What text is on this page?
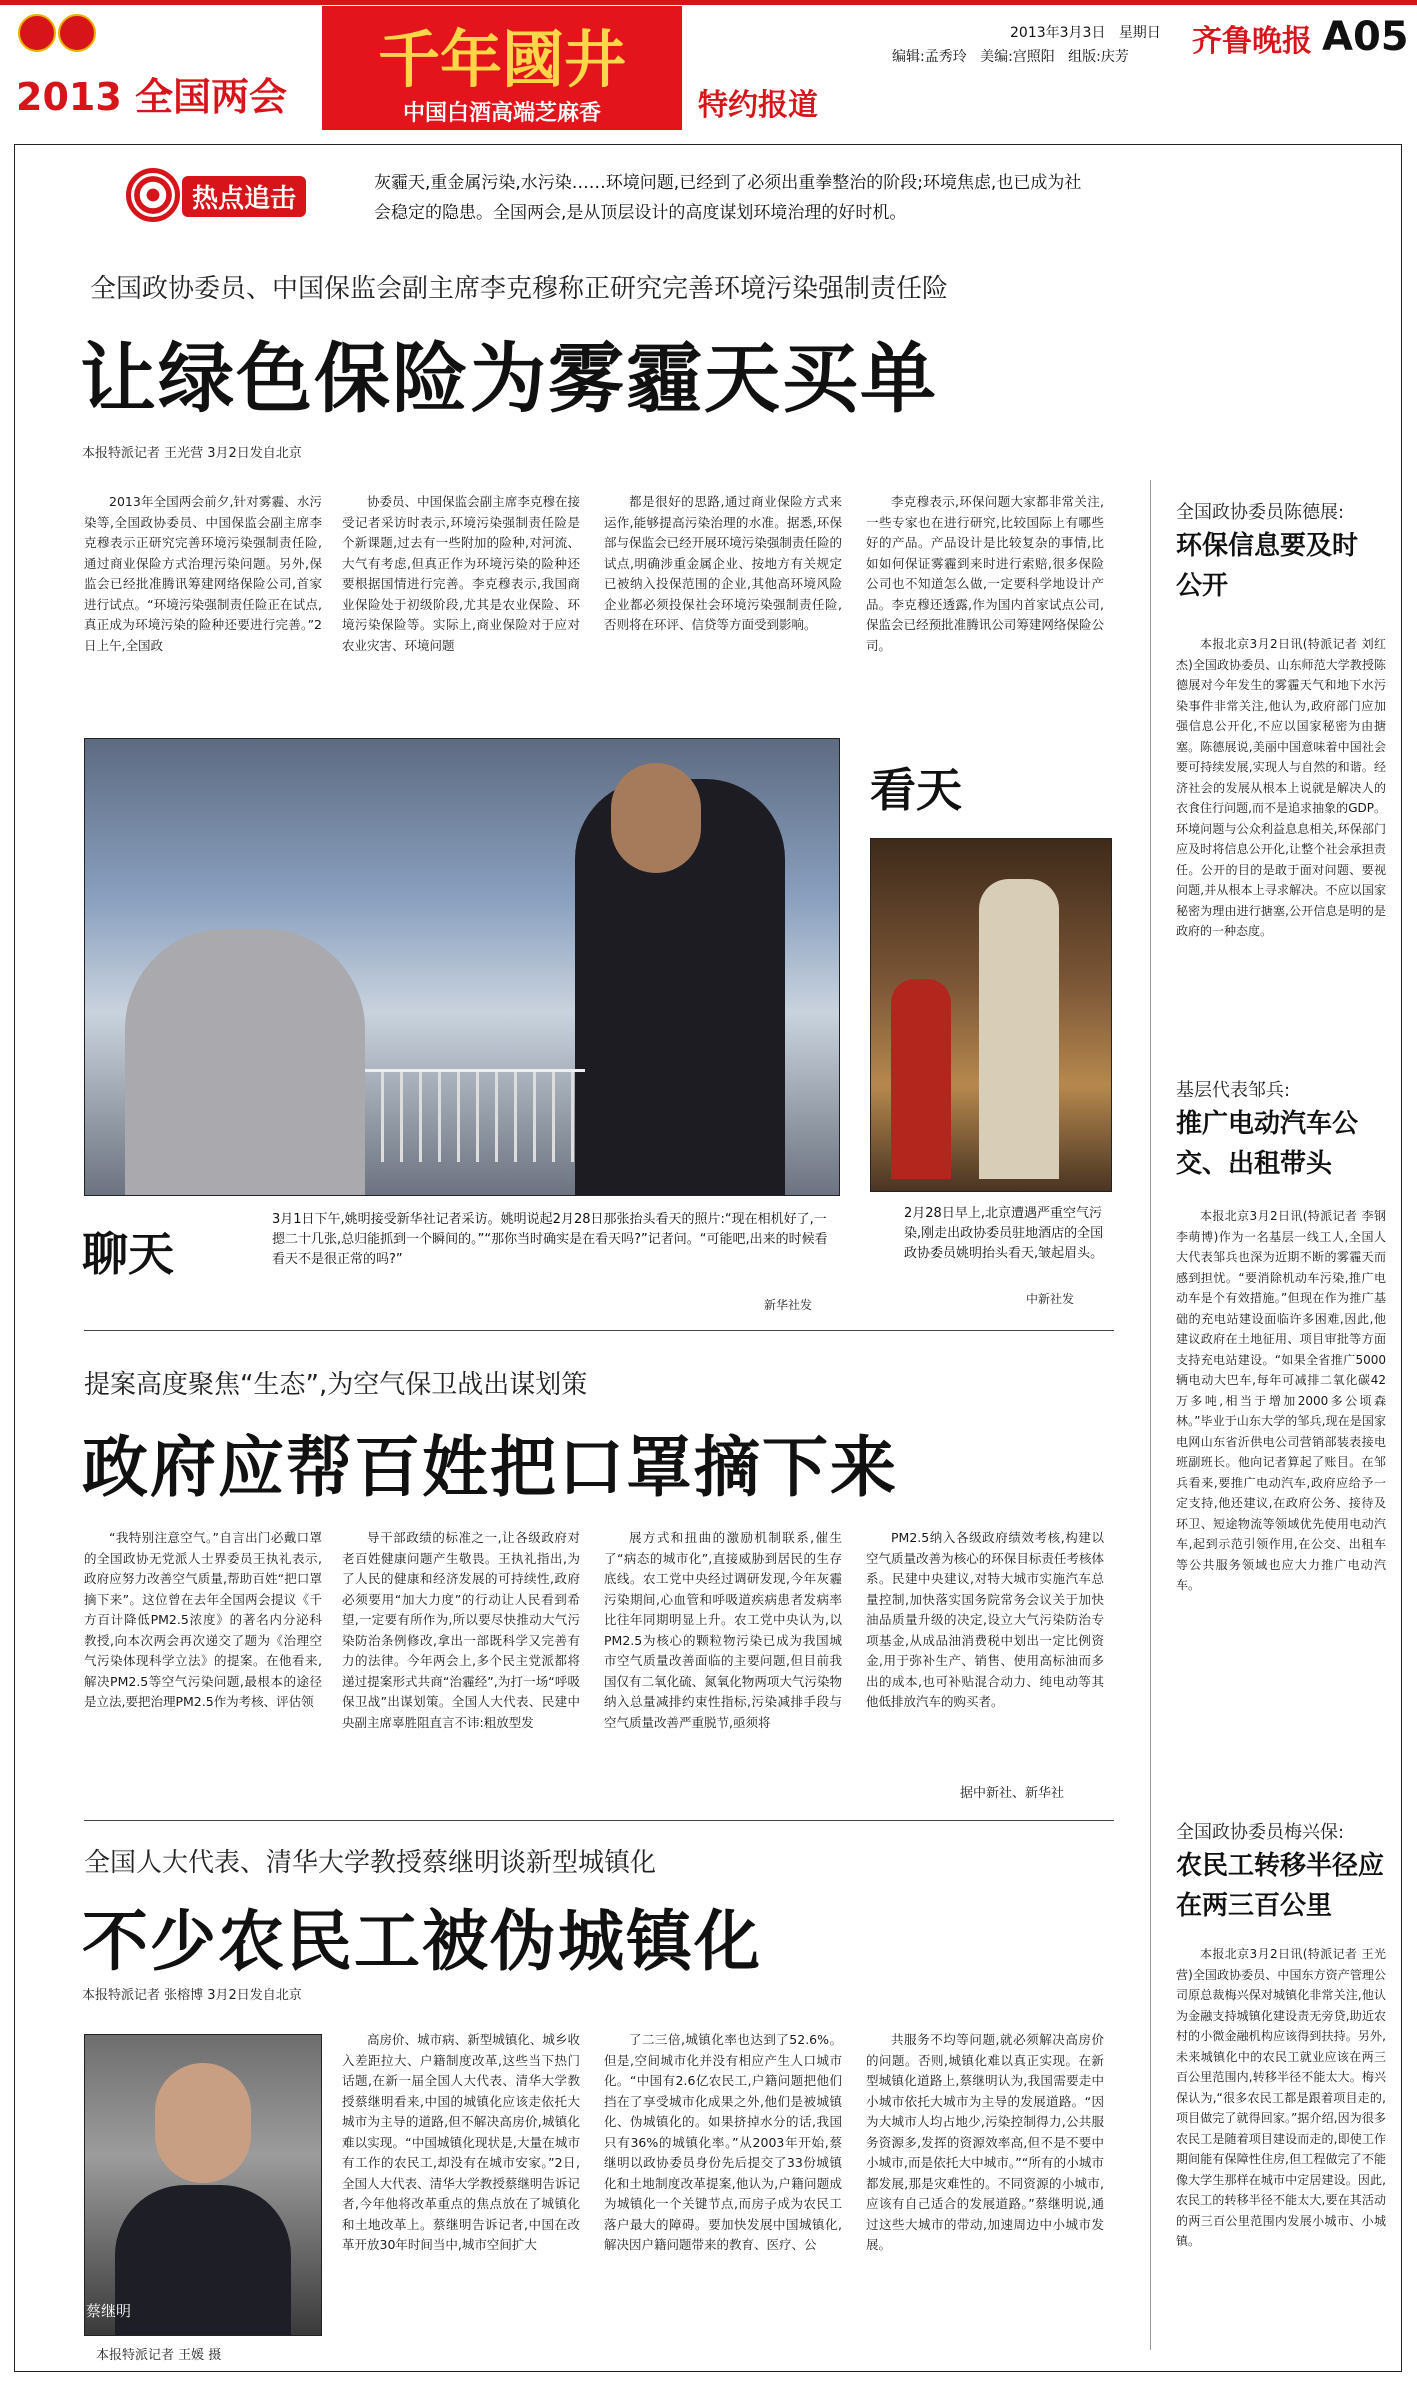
2013 全国两会
千年國井
中国白酒高端芝麻香	特约报道
2013年3月3日 星期日
编辑:孟秀玲 美编:宫照阳 组版:庆芳 齐鲁晚报 A05
热点追击
灰霾天,重金属污染,水污染……环境问题,已经到了必须出重拳整治的阶段;环境焦虑,也已成为社会稳定的隐患。全国两会,是从顶层设计的高度谋划环境治理的好时机。
全国政协委员、中国保监会副主席李克穆称正研究完善环境污染强制责任险
让绿色保险为雾霾天买单
本报特派记者 王光营 3月2日发自北京

2013年全国两会前夕,针对雾霾、水污染等,全国政协委员、中国保监会副主席李克穆表示正研究完善环境污染强制责任险,通过商业保险方式治理污染问题。另外,保监会已经批准腾讯筹建网络保险公司,首家进行试点。“环境污染强制责任险正在试点,真正成为环境污染的险种还要进行完善。”2日上午,全国政

协委员、中国保监会副主席李克穆在接受记者采访时表示,环境污染强制责任险是个新课题,过去有一些附加的险种,对河流、大气有考虑,但真正作为环境污染的险种还要根据国情进行完善。李克穆表示,我国商业保险处于初级阶段,尤其是农业保险、环境污染保险等。实际上,商业保险对于应对农业灾害、环境问题

都是很好的思路,通过商业保险方式来运作,能够提高污染治理的水准。据悉,环保部与保监会已经开展环境污染强制责任险的试点,明确涉重金属企业、按地方有关规定已被纳入投保范围的企业,其他高环境风险企业都必须投保社会环境污染强制责任险,否则将在环评、信贷等方面受到影响。

李克穆表示,环保问题大家都非常关注,一些专家也在进行研究,比较国际上有哪些好的产品。产品设计是比较复杂的事情,比如如何保证雾霾到来时进行索赔,很多保险公司也不知道怎么做,一定要科学地设计产品。李克穆还透露,作为国内首家试点公司,保监会已经预批准腾讯公司筹建网络保险公司。

聊天
3月1日下午,姚明接受新华社记者采访。姚明说起2月28日那张抬头看天的照片:“现在相机好了,一摁二十几张,总归能抓到一个瞬间的。”“那你当时确实是在看天吗?”记者问。“可能吧,出来的时候看看天不是很正常的吗?”
新华社发
看天
2月28日早上,北京遭遇严重空气污染,刚走出政协委员驻地酒店的全国政协委员姚明抬头看天,皱起眉头。
中新社发
提案高度聚焦“生态”,为空气保卫战出谋划策
政府应帮百姓把口罩摘下来

“我特别注意空气。”自言出门必戴口罩的全国政协无党派人士界委员王执礼表示,政府应努力改善空气质量,帮助百姓“把口罩摘下来”。这位曾在去年全国两会提议《千方百计降低PM2.5浓度》的著名内分泌科教授,向本次两会再次递交了题为《治理空气污染体现科学立法》的提案。在他看来,解决PM2.5等空气污染问题,最根本的途径是立法,要把治理PM2.5作为考核、评估领

导干部政绩的标准之一,让各级政府对老百姓健康问题产生敬畏。王执礼指出,为了人民的健康和经济发展的可持续性,政府必须要用“加大力度”的行动让人民看到希望,一定要有所作为,所以要尽快推动大气污染防治条例修改,拿出一部既科学又完善有力的法律。今年两会上,多个民主党派都将递过提案形式共商“治霾经”,为打一场“呼吸保卫战”出谋划策。全国人大代表、民建中央副主席辜胜阻直言不讳:粗放型发

展方式和扭曲的激励机制联系,催生了“病态的城市化”,直接威胁到居民的生存底线。农工党中央经过调研发现,今年灰霾污染期间,心血管和呼吸道疾病患者发病率比往年同期明显上升。农工党中央认为,以PM2.5为核心的颗粒物污染已成为我国城市空气质量改善面临的主要问题,但目前我国仅有二氧化硫、氮氧化物两项大气污染物纳入总量减排约束性指标,污染减排手段与空气质量改善严重脱节,亟须将

PM2.5纳入各级政府绩效考核,构建以空气质量改善为核心的环保目标责任考核体系。民建中央建议,对特大城市实施汽车总量控制,加快落实国务院常务会议关于加快油品质量升级的决定,设立大气污染防治专项基金,从成品油消费税中划出一定比例资金,用于弥补生产、销售、使用高标油而多出的成本,也可补贴混合动力、纯电动等其他低排放汽车的购买者。

据中新社、新华社
全国人大代表、清华大学教授蔡继明谈新型城镇化
不少农民工被伪城镇化
本报特派记者 张榕博 3月2日发自北京
蔡继明
本报特派记者 王媛 摄

高房价、城市病、新型城镇化、城乡收入差距拉大、户籍制度改革,这些当下热门话题,在新一届全国人大代表、清华大学教授蔡继明看来,中国的城镇化应该走依托大城市为主导的道路,但不解决高房价,城镇化难以实现。“中国城镇化现状是,大量在城市有工作的农民工,却没有在城市安家。”2日,全国人大代表、清华大学教授蔡继明告诉记者,今年他将改革重点的焦点放在了城镇化和土地改革上。蔡继明告诉记者,中国在改革开放30年时间当中,城市空间扩大

了二三倍,城镇化率也达到了52.6%。但是,空间城市化并没有相应产生人口城市化。“中国有2.6亿农民工,户籍问题把他们挡在了享受城市化成果之外,他们是被城镇化、伪城镇化的。如果挤掉水分的话,我国只有36%的城镇化率。”从2003年开始,蔡继明以政协委员身份先后提交了33份城镇化和土地制度改革提案,他认为,户籍问题成为城镇化一个关键节点,而房子成为农民工落户最大的障碍。要加快发展中国城镇化,解决因户籍问题带来的教育、医疗、公

共服务不均等问题,就必须解决高房价的问题。否则,城镇化难以真正实现。在新型城镇化道路上,蔡继明认为,我国需要走中小城市依托大城市为主导的发展道路。“因为大城市人均占地少,污染控制得力,公共服务资源多,发挥的资源效率高,但不是不要中小城市,而是依托大中城市。”“所有的小城市都发展,那是灾难性的。不同资源的小城市,应该有自己适合的发展道路。”蔡继明说,通过这些大城市的带动,加速周边中小城市发展。

全国政协委员陈德展:
环保信息要及时公开

本报北京3月2日讯(特派记者 刘红杰)全国政协委员、山东师范大学教授陈德展对今年发生的雾霾天气和地下水污染事件非常关注,他认为,政府部门应加强信息公开化,不应以国家秘密为由搪塞。陈德展说,美丽中国意味着中国社会要可持续发展,实现人与自然的和谐。经济社会的发展从根本上说就是解决人的衣食住行问题,而不是追求抽象的GDP。环境问题与公众利益息息相关,环保部门应及时将信息公开化,让整个社会承担责任。公开的目的是敢于面对问题、要视问题,并从根本上寻求解决。不应以国家秘密为理由进行搪塞,公开信息是明的是政府的一种态度。

基层代表邹兵:
推广电动汽车公交、出租带头

本报北京3月2日讯(特派记者 李钢 李萌博)作为一名基层一线工人,全国人大代表邹兵也深为近期不断的雾霾天而感到担忧。“要消除机动车污染,推广电动车是个有效措施。”但现在作为推广基础的充电站建设面临许多困难,因此,他建议政府在土地征用、项目审批等方面支持充电站建设。“如果全省推广5000辆电动大巴车,每年可减排二氧化碳42万多吨,相当于增加2000多公顷森林。”毕业于山东大学的邹兵,现在是国家电网山东省沂供电公司营销部装表接电班副班长。他向记者算起了账目。在邹兵看来,要推广电动汽车,政府应给予一定支持,他还建议,在政府公务、接待及环卫、短途物流等领域优先使用电动汽车,起到示范引领作用,在公交、出租车等公共服务领域也应大力推广电动汽车。

全国政协委员梅兴保:
农民工转移半径应在两三百公里

本报北京3月2日讯(特派记者 王光营)全国政协委员、中国东方资产管理公司原总裁梅兴保对城镇化非常关注,他认为金融支持城镇化建设责无旁贷,助近农村的小微金融机构应该得到扶持。另外,未来城镇化中的农民工就业应该在两三百公里范围内,转移半径不能太大。梅兴保认为,“很多农民工都是跟着项目走的,项目做完了就得回家。”据介绍,因为很多农民工是随着项目建设而走的,即使工作期间能有保障性住房,但工程做完了不能像大学生那样在城市中定居建设。因此,农民工的转移半径不能太大,要在其活动的两三百公里范围内发展小城市、小城镇。
